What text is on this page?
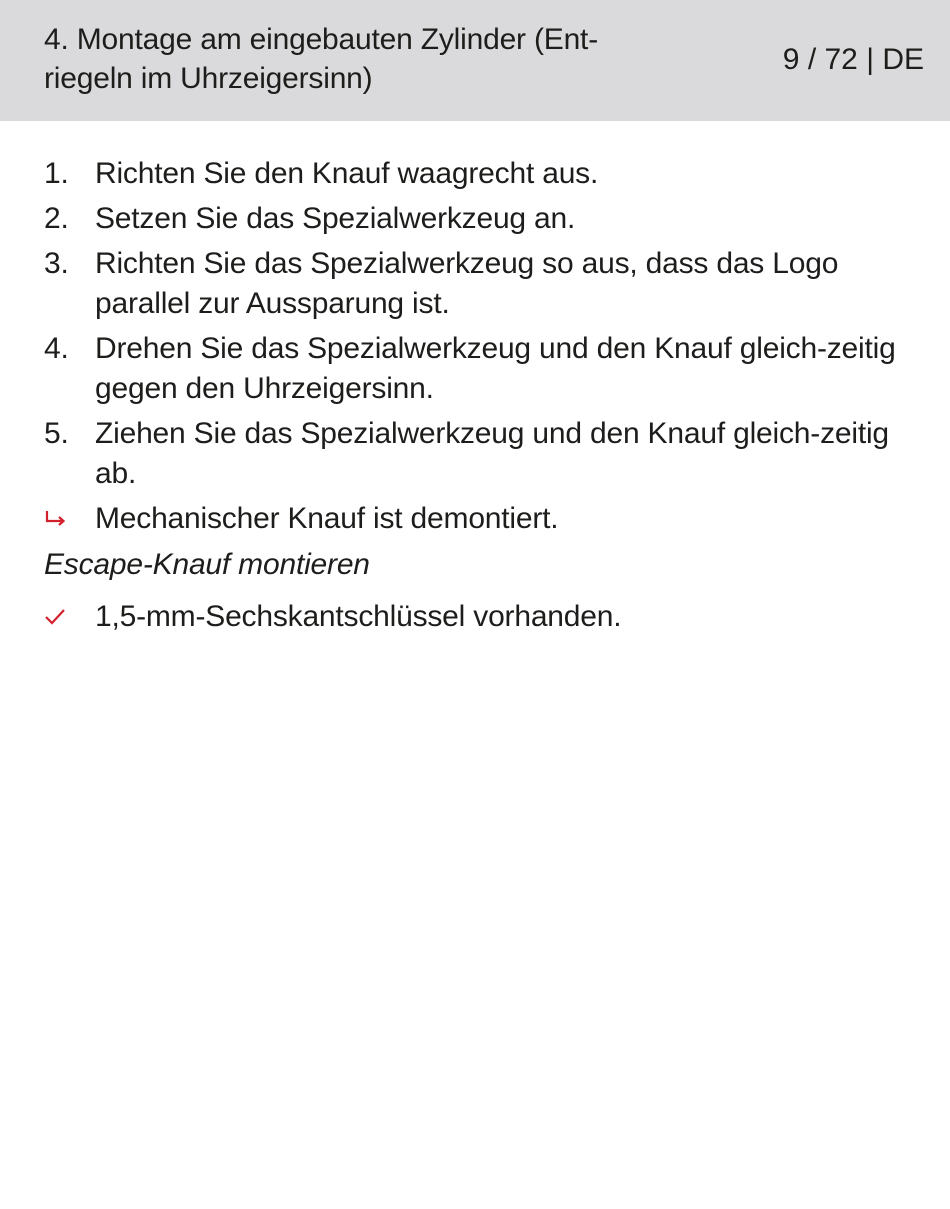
4. Montage am eingebauten Zylinder (Ent-
riegeln im Uhrzeigersinn)
9 / 72 | DE
1. Richten Sie den Knauf waagrecht aus.
2. Setzen Sie das Spezialwerkzeug an.
3. Richten Sie das Spezialwerkzeug so aus, dass das Logo parallel zur Aussparung ist.
4. Drehen Sie das Spezialwerkzeug und den Knauf gleich-zeitig gegen den Uhrzeigersinn.
5. Ziehen Sie das Spezialwerkzeug und den Knauf gleich-zeitig ab.
Mechanischer Knauf ist demontiert.
Escape-Knauf montieren
1,5-mm-Sechskantschlüssel vorhanden.
